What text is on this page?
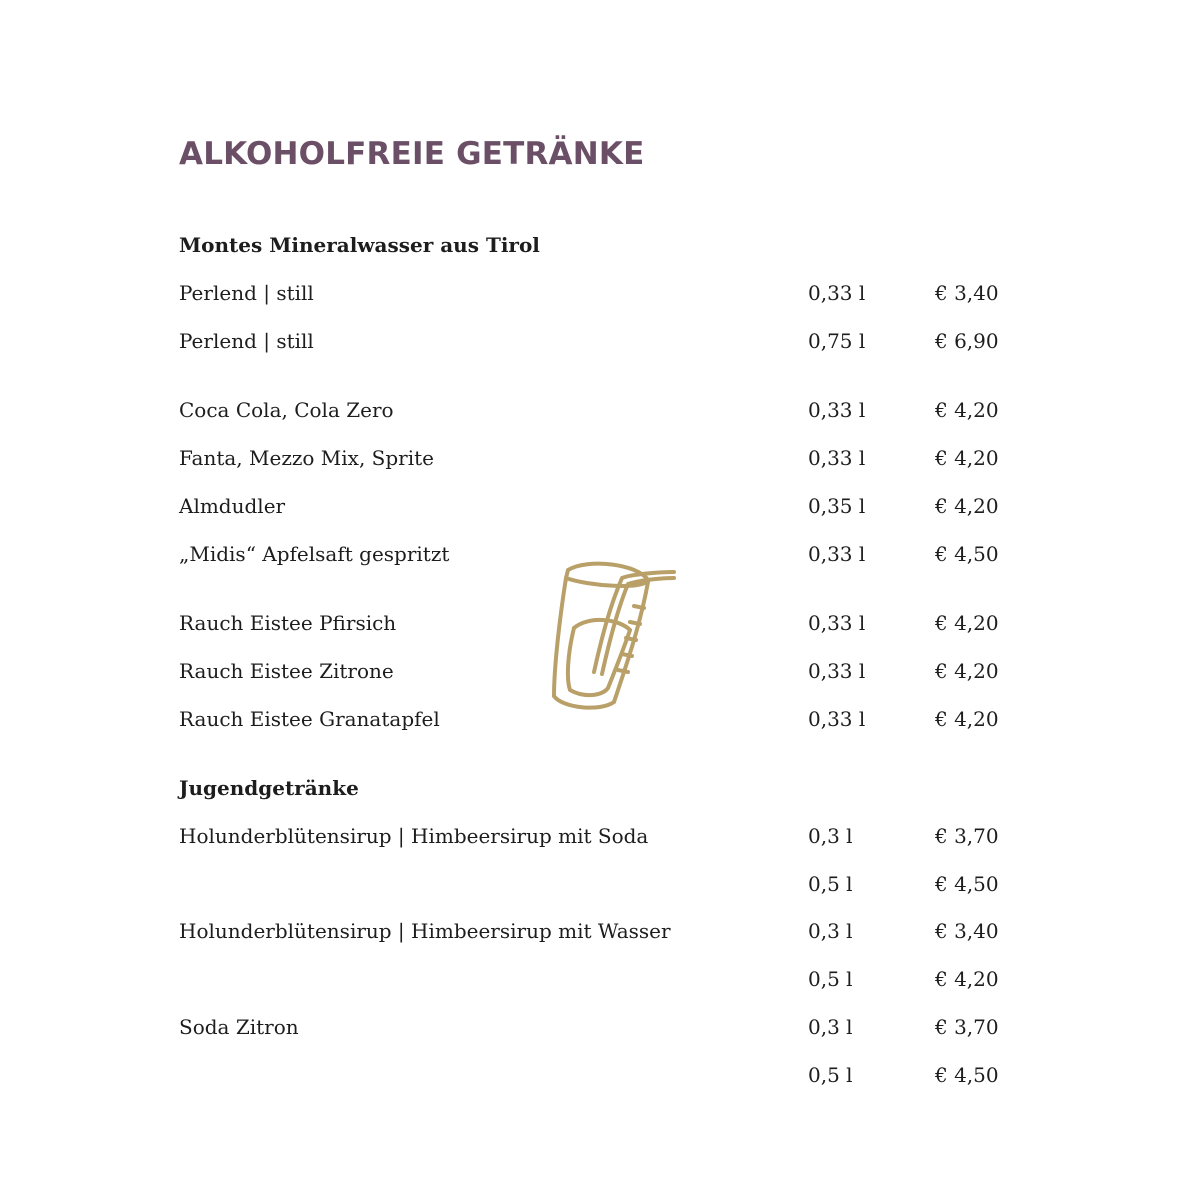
ALKOHOLFREIE GETRÄNKE
Montes Mineralwasser aus Tirol
Perlend | still	0,33 l	€ 3,40
Perlend | still	0,75 l	€ 6,90
Coca Cola, Cola Zero	0,33 l	€ 4,20
Fanta, Mezzo Mix, Sprite	0,33 l	€ 4,20
Almdudler	0,35 l	€ 4,20
„Midis“ Apfelsaft gespritzt	0,33 l	€ 4,50
Rauch Eistee Pfirsich	0,33 l	€ 4,20
Rauch Eistee Zitrone	0,33 l	€ 4,20
Rauch Eistee Granatapfel	0,33 l	€ 4,20
Jugendgetränke
Holunderblütensirup | Himbeersirup mit Soda	0,3 l	€ 3,70
0,5 l	€ 4,50
Holunderblütensirup | Himbeersirup mit Wasser	0,3 l	€ 3,40
0,5 l	€ 4,20
Soda Zitron	0,3 l	€ 3,70
0,5 l	€ 4,50
